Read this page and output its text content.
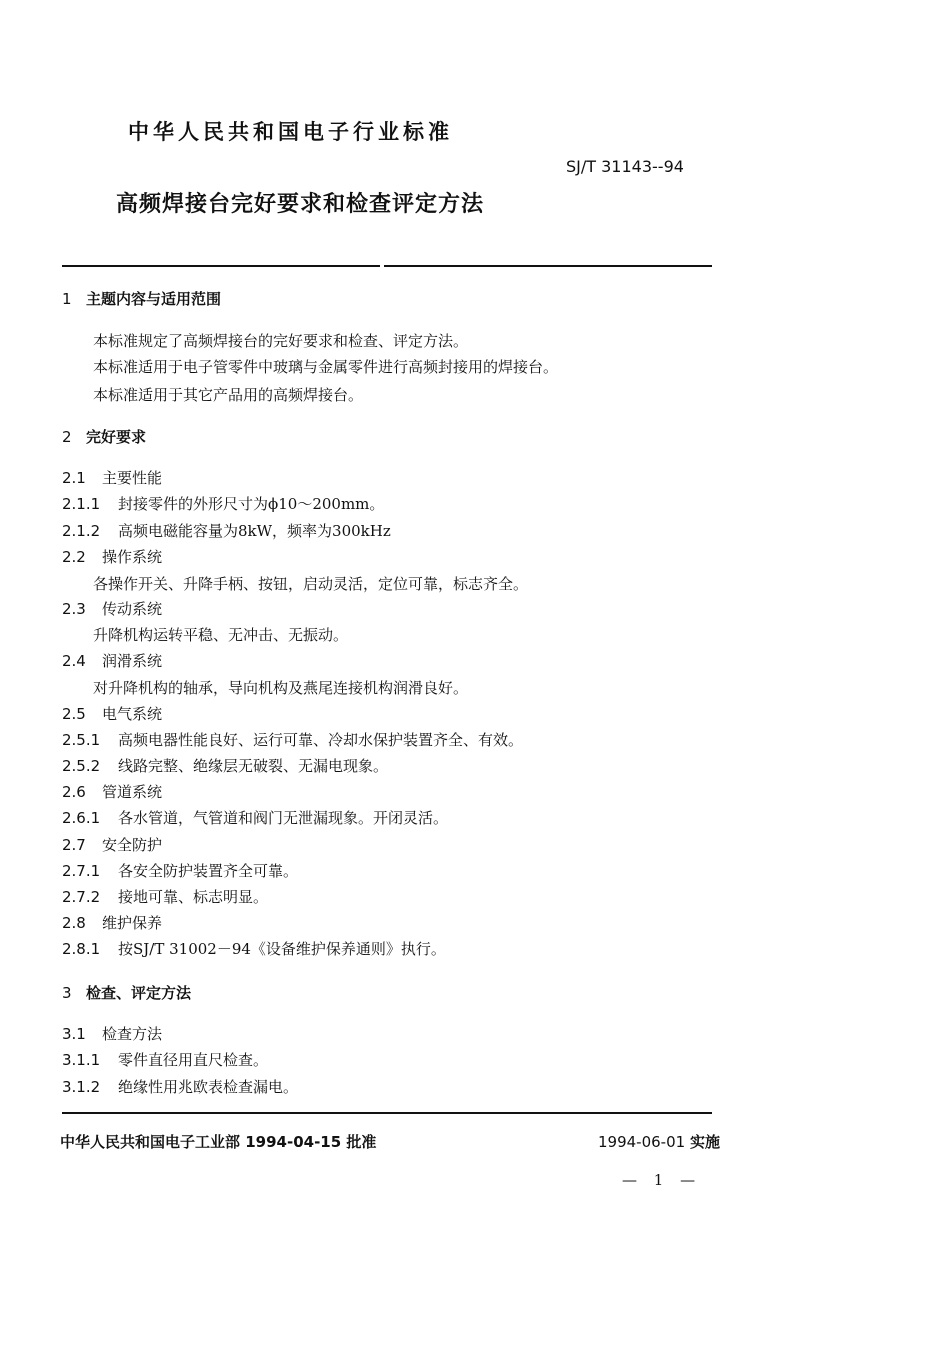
中华人民共和国电子行业标准
SJ/T 31143--94
高频焊接台完好要求和检查评定方法
1 主题内容与适用范围
本标准规定了高频焊接台的完好要求和检查、评定方法。
本标准适用于电子管零件中玻璃与金属零件进行高频封接用的焊接台。
本标准适用于其它产品用的高频焊接台。
2 完好要求
2.1 主要性能
2.1.1 封接零件的外形尺寸为ϕ10～200mm。
2.1.2 高频电磁能容量为8kW，频率为300kHz
2.2 操作系统
各操作开关、升降手柄、按钮，启动灵活，定位可靠，标志齐全。
2.3 传动系统
升降机构运转平稳、无冲击、无振动。
2.4 润滑系统
对升降机构的轴承，导向机构及燕尾连接机构润滑良好。
2.5 电气系统
2.5.1 高频电器性能良好、运行可靠、冷却水保护装置齐全、有效。
2.5.2 线路完整、绝缘层无破裂、无漏电现象。
2.6 管道系统
2.6.1 各水管道，气管道和阀门无泄漏现象。开闭灵活。
2.7 安全防护
2.7.1 各安全防护装置齐全可靠。
2.7.2 接地可靠、标志明显。
2.8 维护保养
2.8.1 按SJ/T 31002－94《设备维护保养通则》执行。
3 检查、评定方法
3.1 检查方法
3.1.1 零件直径用直尺检查。
3.1.2 绝缘性用兆欧表检查漏电。
中华人民共和国电子工业部 1994-04-15 批准	1994-06-01 实施
— 1 —
